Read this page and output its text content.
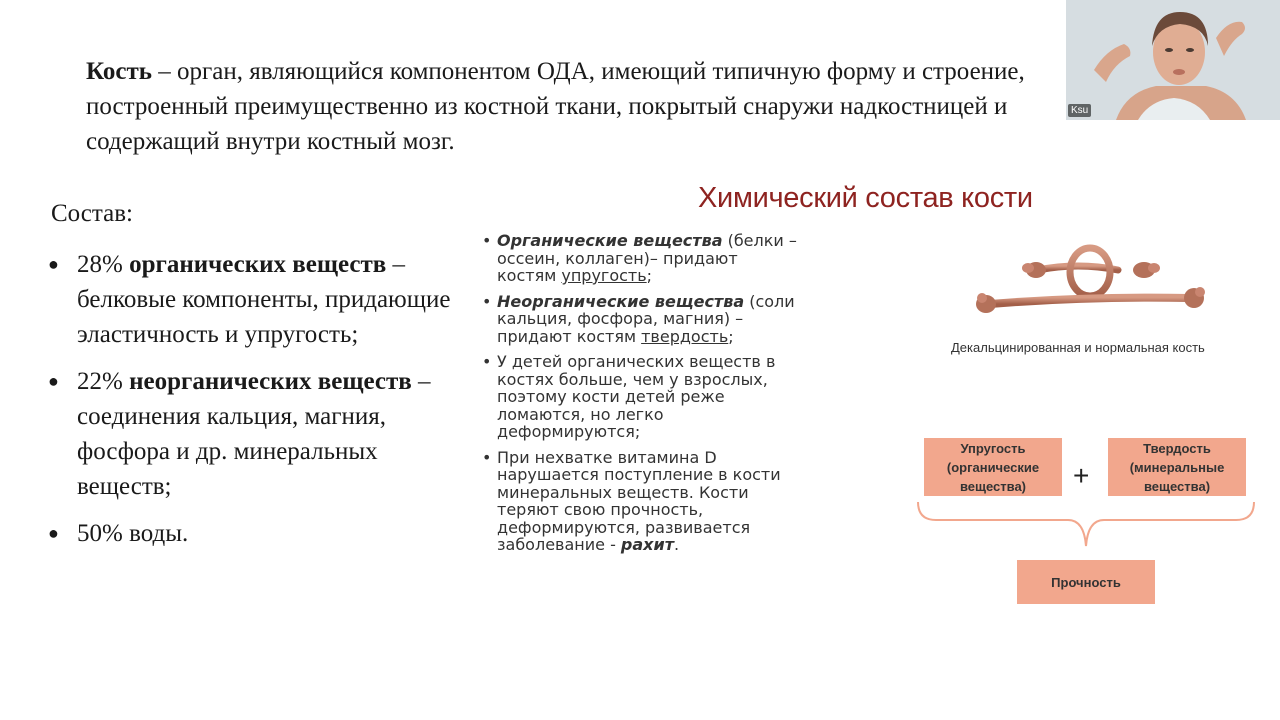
Кость – орган, являющийся компонентом ОДА, имеющий типичную форму и строение, построенный преимущественно из костной ткани, покрытый снаружи надкостницей и содержащий внутри костный мозг.
Ksu
Состав:
● 28% органических веществ – белковые компоненты, придающие эластичность и упругость;
● 22% неорганических веществ – соединения кальция, магния, фосфора и др. минеральных веществ;
● 50% воды.
Химический состав кости
• Органические вещества (белки – оссеин, коллаген)– придают костям упругость;
• Неорганические вещества (соли кальция, фосфора, магния) – придают костям твердость;
• У детей органических веществ в костях больше, чем у взрослых, поэтому кости детей реже ломаются, но легко деформируются;
• При нехватке витамина D нарушается поступление в кости минеральных веществ. Кости теряют свою прочность, деформируются, развивается заболевание - рахит.
Декальцинированная и нормальная кость
Упругость
(органические
вещества)	+
Твердость
(минеральные
вещества)
Прочность
